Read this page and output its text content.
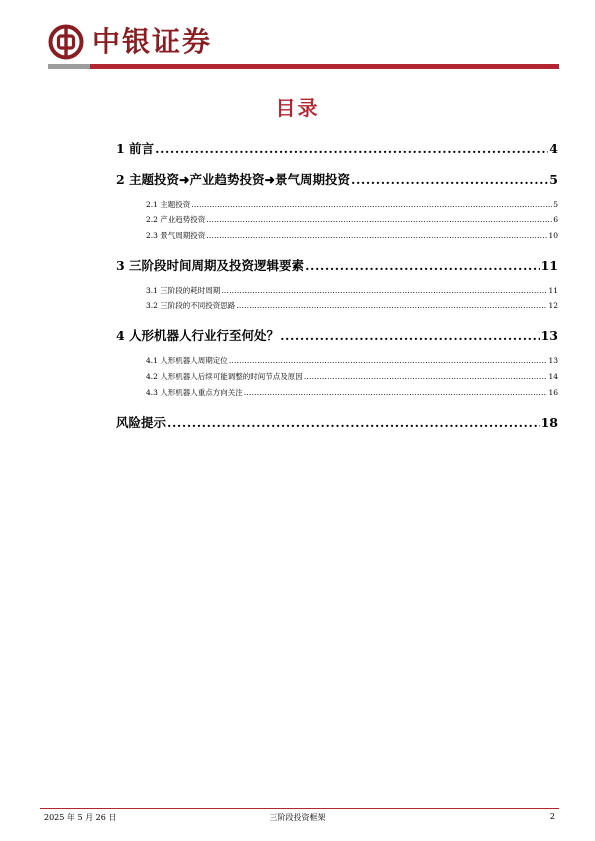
中银证券
目录
1 前言 .....	4
2 主题投资➜产业趋势投资➜景气周期投资 .....	5
2.1 主题投资 .....	5
2.2 产业趋势投资 .....	6
2.3 景气周期投资 .....	10
3 三阶段时间周期及投资逻辑要素 .....	11
3.1 三阶段的耗时周期 .....	11
3.2 三阶段的不同投资思路 .....	12
4 人形机器人行业行至何处？ .....	13
4.1 人形机器人周期定位 .....	13
4.2 人形机器人后续可能调整的时间节点及原因 .....	14
4.3 人形机器人重点方向关注 .....	16
风险提示 .....	18
2025 年 5 月 26 日	三阶段投资框架	2
